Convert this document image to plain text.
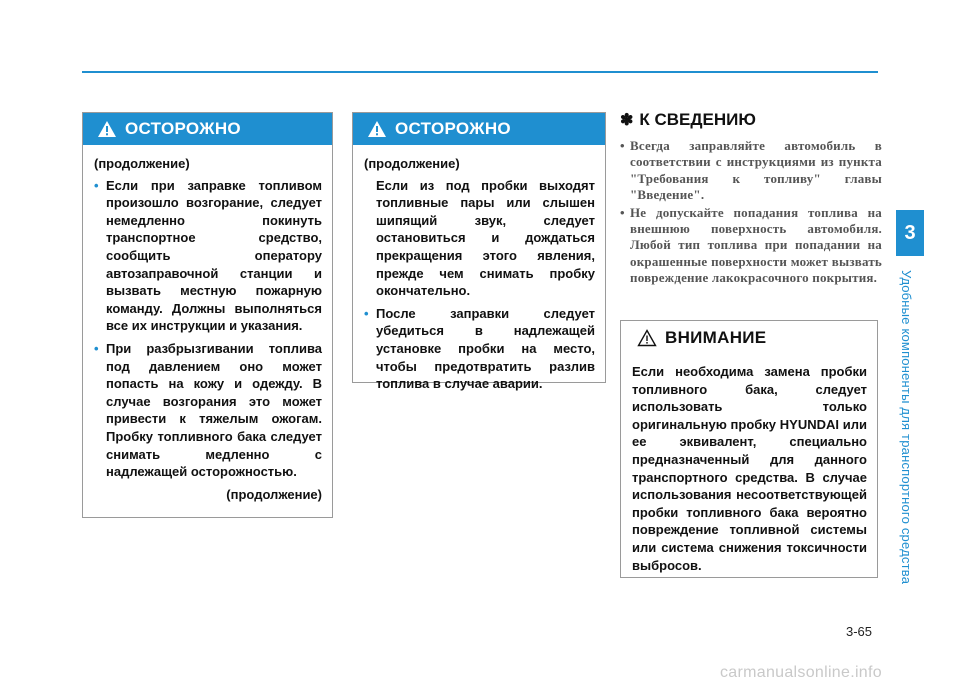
3
Удобные компоненты для транспортного средства
ОСТОРОЖНО
(продолжение)
• Если при заправке топливом произошло возгорание, следует немедленно покинуть транспортное средство, сообщить оператору автозаправочной станции и вызвать местную пожарную команду. Должны выполняться все их инструкции и указания.
• При разбрызгивании топлива под давлением оно может попасть на кожу и одежду. В случае возгорания это может привести к тяжелым ожогам. Пробку топливного бака следует снимать медленно с надлежащей осторожностью.
(продолжение)
ОСТОРОЖНО
(продолжение)
Если из под пробки выходят топливные пары или слышен шипящий звук, следует остановиться и дождаться прекращения этого явления, прежде чем снимать пробку окончательно.
• После заправки следует убедиться в надлежащей установке пробки на место, чтобы предотвратить разлив топлива в случае аварии.
✽ К СВЕДЕНИЮ
• Всегда заправляйте автомобиль в соответствии с инструкциями из пункта "Требования к топливу" главы "Введение".
• Не допускайте попадания топлива на внешнюю поверхность автомобиля. Любой тип топлива при попадании на окрашенные поверхности может вызвать повреждение лакокрасочного покрытия.
ВНИМАНИЕ
Если необходима замена пробки топливного бака, следует использовать только оригинальную пробку HYUNDAI или ее эквивалент, специально предназначенный для данного транспортного средства. В случае использования несоответствующей пробки топливного бака вероятно повреждение топливной системы или система снижения токсичности выбросов.
3-65
carmanualsonline.info
